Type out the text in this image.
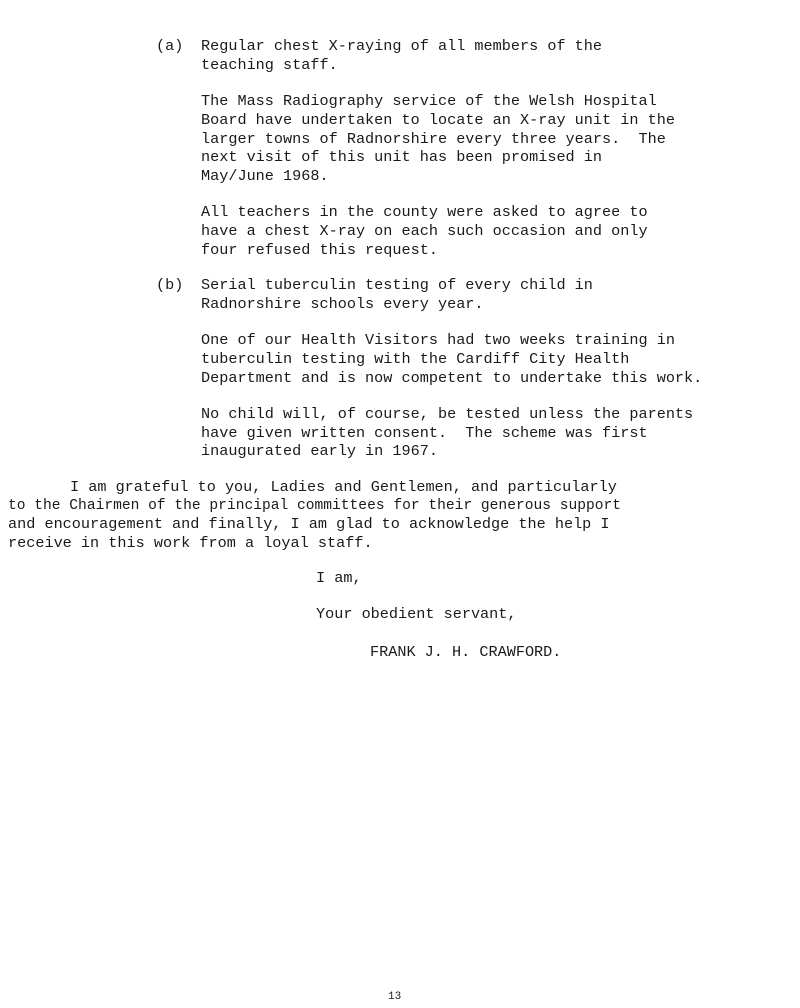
(a) Regular chest X-raying of all members of the
teaching staff.
The Mass Radiography service of the Welsh Hospital
Board have undertaken to locate an X-ray unit in the
larger towns of Radnorshire every three years.  The
next visit of this unit has been promised in
May/June 1968.
All teachers in the county were asked to agree to
have a chest X-ray on each such occasion and only
four refused this request.
(b) Serial tuberculin testing of every child in
Radnorshire schools every year.
One of our Health Visitors had two weeks training in
tuberculin testing with the Cardiff City Health
Department and is now competent to undertake this work.
No child will, of course, be tested unless the parents
have given written consent.  The scheme was first
inaugurated early in 1967.
I am grateful to you, Ladies and Gentlemen, and particularly
to the Chairmen of the principal committees for their generous support
and encouragement and finally, I am glad to acknowledge the help I
receive in this work from a loyal staff.
I am,
Your obedient servant,
FRANK J. H. CRAWFORD.
13
